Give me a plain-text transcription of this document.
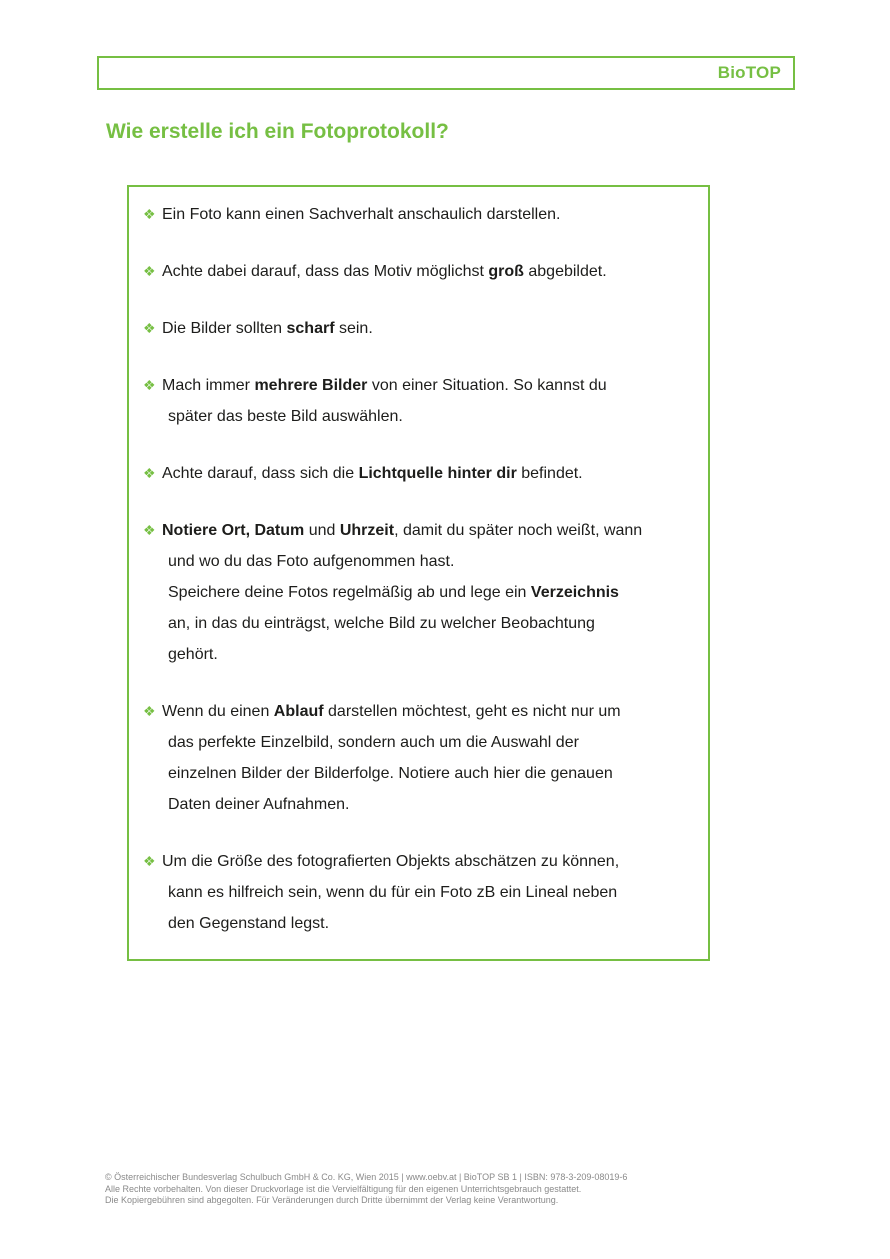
BioTOP
Wie erstelle ich ein Fotoprotokoll?
❖ Ein Foto kann einen Sachverhalt anschaulich darstellen.
❖ Achte dabei darauf, dass das Motiv möglichst groß abgebildet.
❖ Die Bilder sollten scharf sein.
❖ Mach immer mehrere Bilder von einer Situation. So kannst du
später das beste Bild auswählen.
❖ Achte darauf, dass sich die Lichtquelle hinter dir befindet.
❖ Notiere Ort, Datum und Uhrzeit, damit du später noch weißt, wann
und wo du das Foto aufgenommen hast.
Speichere deine Fotos regelmäßig ab und lege ein Verzeichnis
an, in das du einträgst, welche Bild zu welcher Beobachtung
gehört.
❖ Wenn du einen Ablauf darstellen möchtest, geht es nicht nur um
das perfekte Einzelbild, sondern auch um die Auswahl der
einzelnen Bilder der Bilderfolge. Notiere auch hier die genauen
Daten deiner Aufnahmen.
❖ Um die Größe des fotografierten Objekts abschätzen zu können,
kann es hilfreich sein, wenn du für ein Foto zB ein Lineal neben
den Gegenstand legst.
© Österreichischer Bundesverlag Schulbuch GmbH & Co. KG, Wien 2015 | www.oebv.at | BioTOP SB 1 | ISBN: 978-3-209-08019-6
Alle Rechte vorbehalten. Von dieser Druckvorlage ist die Vervielfältigung für den eigenen Unterrichtsgebrauch gestattet.
Die Kopiergebühren sind abgegolten. Für Veränderungen durch Dritte übernimmt der Verlag keine Verantwortung.
